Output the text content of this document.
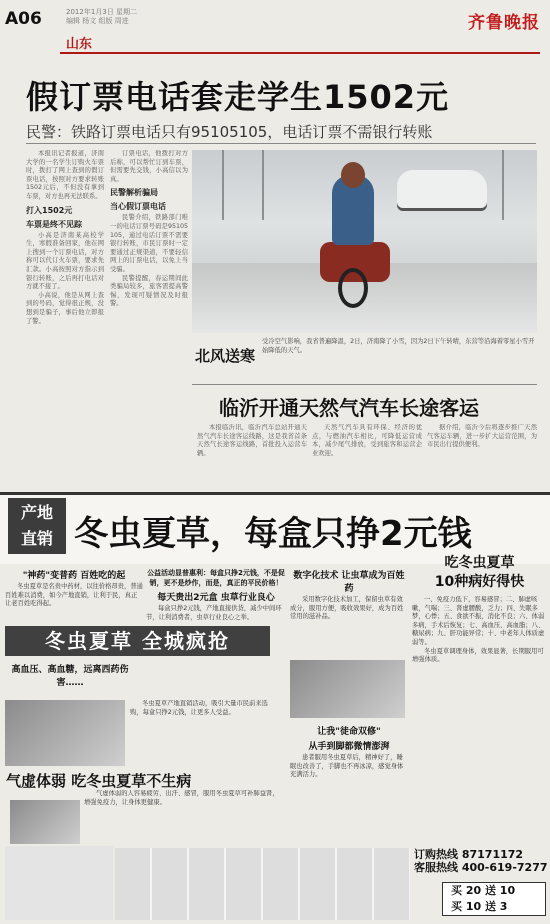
A06	2012年1月3日 星期二
编辑 杨文 组版 周进
山东
齐鲁晚报
假订票电话套走学生1502元
民警：铁路订票电话只有95105105，电话订票不需银行转账

本报讯记者报道，济南大学的一名学生订购火车票时，拨打了网上查到的假订票电话，按照对方要求转账1502元后，不但没有拿到车票，对方也再无法联系。

打入1502元
车票是终不见踪

小高是济南某高校学生，寒假准备回家，他在网上搜到一个订票电话，对方称可以代订火车票，要求先汇款。小高按照对方指示到银行转账，之后再打电话对方就不接了。

小高说，他是从网上查到的号码，觉得很正规，没想到是骗子，事后他立即报了警。

订票电话，他拨打对方后称，可以帮忙订到车票，但需要先交钱，小高信以为真。

民警解析骗局
当心假订票电话

民警介绍，铁路部门唯一的电话订票号码是95105105，通过电话订票不需要银行转账，市民订票时一定要通过正规渠道，不要轻信网上的订票电话，以免上当受骗。

民警提醒，春运期间此类骗局较多，旅客需提高警惕，发现可疑情况及时报警。

北风送寒
受冷空气影响，我省普遍降温，2日，济南降了小雪，因为2日下午转晴，东营等沿海着零星小雪开始降低的天气。
临沂开通天然气汽车长途客运

本报临沂讯，临沂汽车总站开通天然气汽车长途客运线路，这是我省首条天然气长途客运线路，首批投入运营车辆。

天然气汽车具有环保、经济的优点，与燃油汽车相比，可降低运营成本，减少尾气排放，受到旅客和运营企业欢迎。

据介绍，临沂今后将逐步推广天然气客运车辆，进一步扩大运营范围，为市民出行提供便利。

产地
直销 冬虫夏草，每盒只挣2元钱
"神药"变普药 百姓吃的起

冬虫夏草是名贵中药材，以往价格昂贵，普通百姓难以消费，如今产地直销，让利于民，真正让老百姓吃得起。

公益活动显普惠利：每盒只挣2元钱，不是促销，更不是炒作，而是，真正的平民价格！
每天贵出2元盒 虫草行业良心

每盒只挣2元钱，产地直接供货，减少中间环节，让利消费者，虫草行业良心之举。

数字化技术 让虫草成为百姓药

采用数字化技术加工，保留虫草有效成分，服用方便，吸收效果好，成为百姓常用的滋补品。

吃冬虫夏草
10种病好得快

一、免疫力低下，容易感冒；二、肺虚咳嗽，气喘；三、肾虚腰酸，乏力；四、失眠多梦，心悸；五、食欲不振，消化不良；六、体弱多病，手术后恢复；七、高血压、高血脂；八、糖尿病；九、肝功能异常；十、中老年人体质虚弱等。

冬虫夏草调理身体，效果显著，长期服用可增强体质。

冬虫夏草 全城疯抢
高血压、高血糖，远离西药伤害……

冬虫夏草产地直销活动，吸引大量市民前来选购，每盒只挣2元钱，让更多人受益。

气虚体弱 吃冬虫夏草不生病

气虚体弱的人容易疲劳、出汗、感冒，服用冬虫夏草可补肺益肾，增强免疫力，让身体更健康。

让我"徒命双修"
从手到脚都微情澎湃

患者服用冬虫夏草后，精神好了，睡眠也改善了，手脚也不再冰凉，感觉身体充满活力。

订购热线 87171172
客服热线 400-619-7277
买 20 送 10
买 10 送 3
